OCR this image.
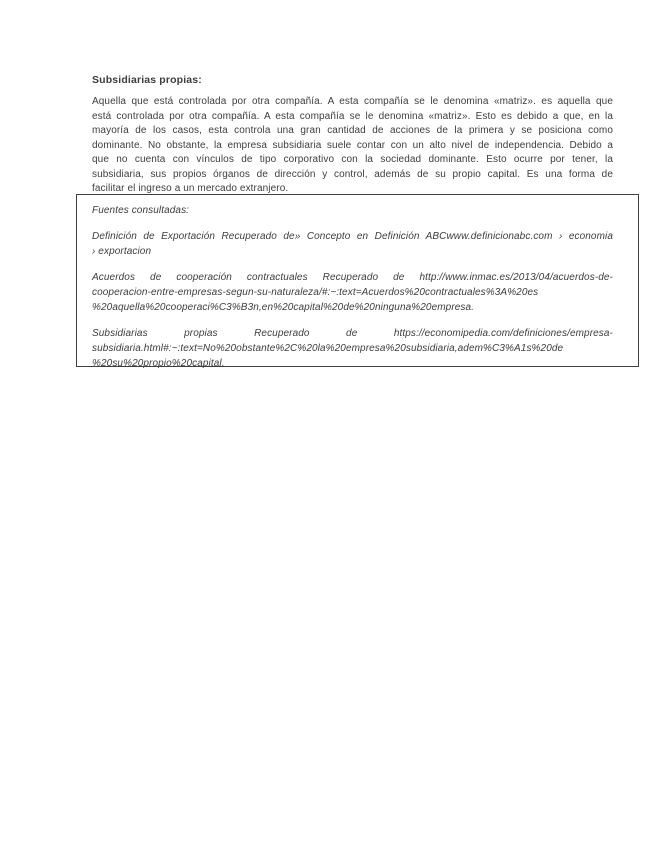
Subsidiarias propias:
Aquella que está controlada por otra compañía. A esta compañía se le denomina «matriz». es aquella que
está controlada por otra compañía. A esta compañía se le denomina «matriz». Esto es debido a que, en la
mayoría de los casos, esta controla una gran cantidad de acciones de la primera y se posiciona como
dominante. No obstante, la empresa subsidiaria suele contar con un alto nivel de independencia. Debido a
que no cuenta con vínculos de tipo corporativo con la sociedad dominante. Esto ocurre por tener, la
subsidiaria, sus propios órganos de dirección y control, además de su propio capital. Es una forma de
facilitar el ingreso a un mercado extranjero.
Fuentes consultadas:
Definición de Exportación Recuperado de» Concepto en Definición ABCwww.definicionabc.com › economia
› exportacion
Acuerdos de cooperación contractuales Recuperado de http://www.inmac.es/2013/04/acuerdos-de-
cooperacion-entre-empresas-segun-su-naturaleza/#:~:text=Acuerdos%20contractuales%3A%20es
%20aquella%20cooperaci%C3%B3n,en%20capital%20de%20ninguna%20empresa.
Subsidiarias propias Recuperado de https://economipedia.com/definiciones/empresa-
subsidiaria.html#:~:text=No%20obstante%2C%20la%20empresa%20subsidiaria,adem%C3%A1s%20de
%20su%20propio%20capital.
